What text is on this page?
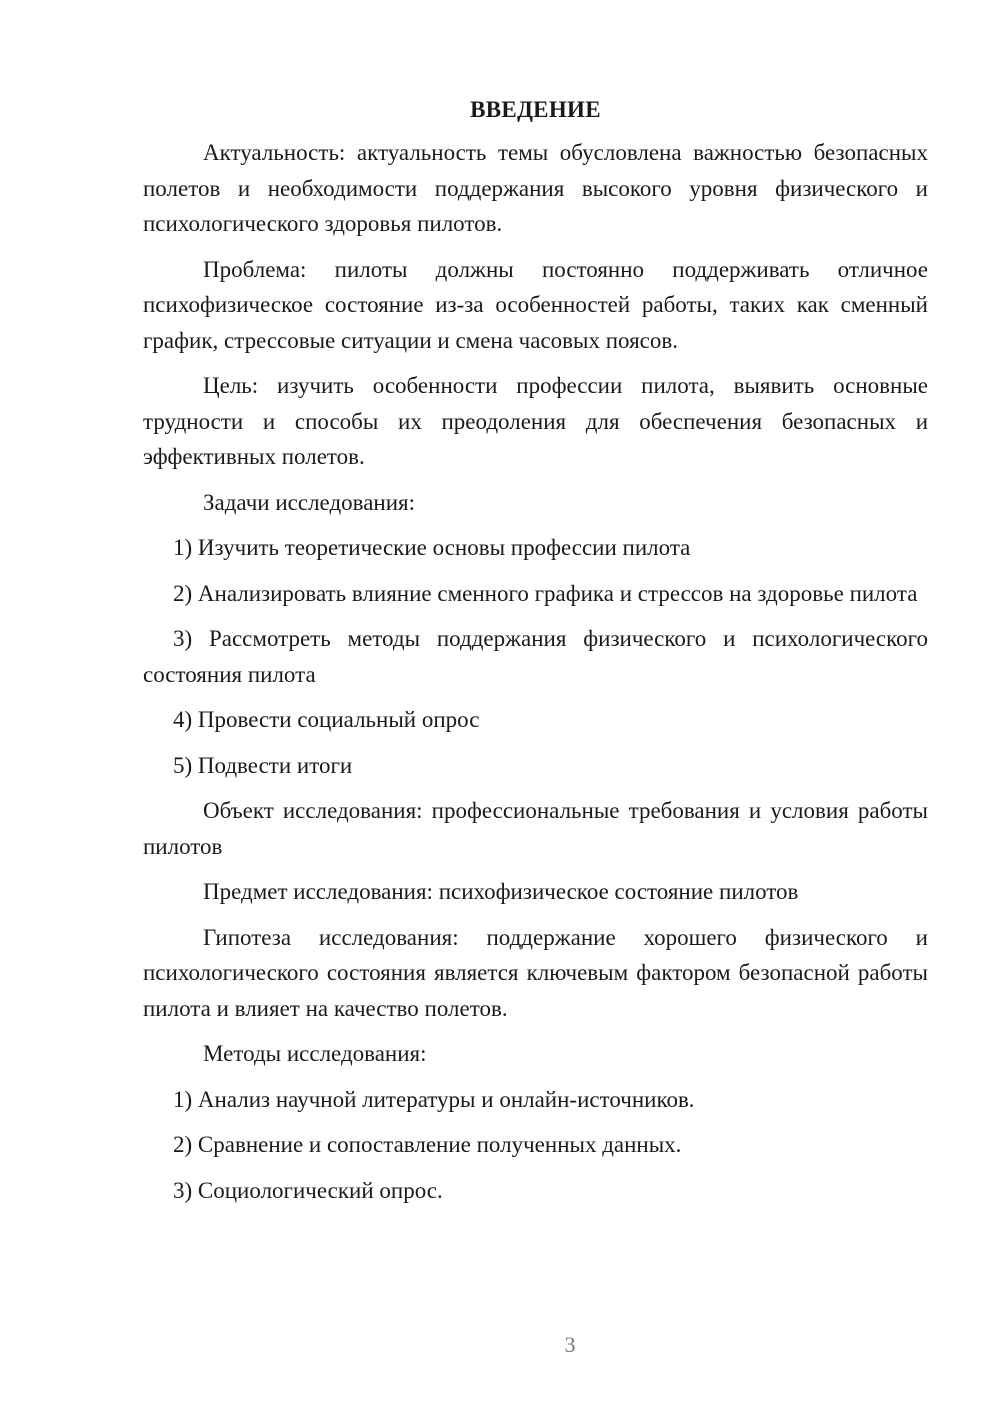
ВВЕДЕНИЕ

Актуальность: актуальность темы обусловлена важностью безопасных полетов и необходимости поддержания высокого уровня физического и психологического здоровья пилотов.

Проблема: пилоты должны постоянно поддерживать отличное психофизическое состояние из-за особенностей работы, таких как сменный график, стрессовые ситуации и смена часовых поясов.

Цель: изучить особенности профессии пилота, выявить основные трудности и способы их преодоления для обеспечения безопасных и эффективных полетов.

Задачи исследования:

1) Изучить теоретические основы профессии пилота

2) Анализировать влияние сменного графика и стрессов на здоровье пилота

3) Рассмотреть методы поддержания физического и психологического состояния пилота

4) Провести социальный опрос

5) Подвести итоги

Объект исследования: профессиональные требования и условия работы пилотов

Предмет исследования: психофизическое состояние пилотов

Гипотеза исследования: поддержание хорошего физического и психологического состояния является ключевым фактором безопасной работы пилота и влияет на качество полетов.

Методы исследования:

1) Анализ научной литературы и онлайн-источников.

2) Сравнение и сопоставление полученных данных.

3) Социологический опрос.

3
